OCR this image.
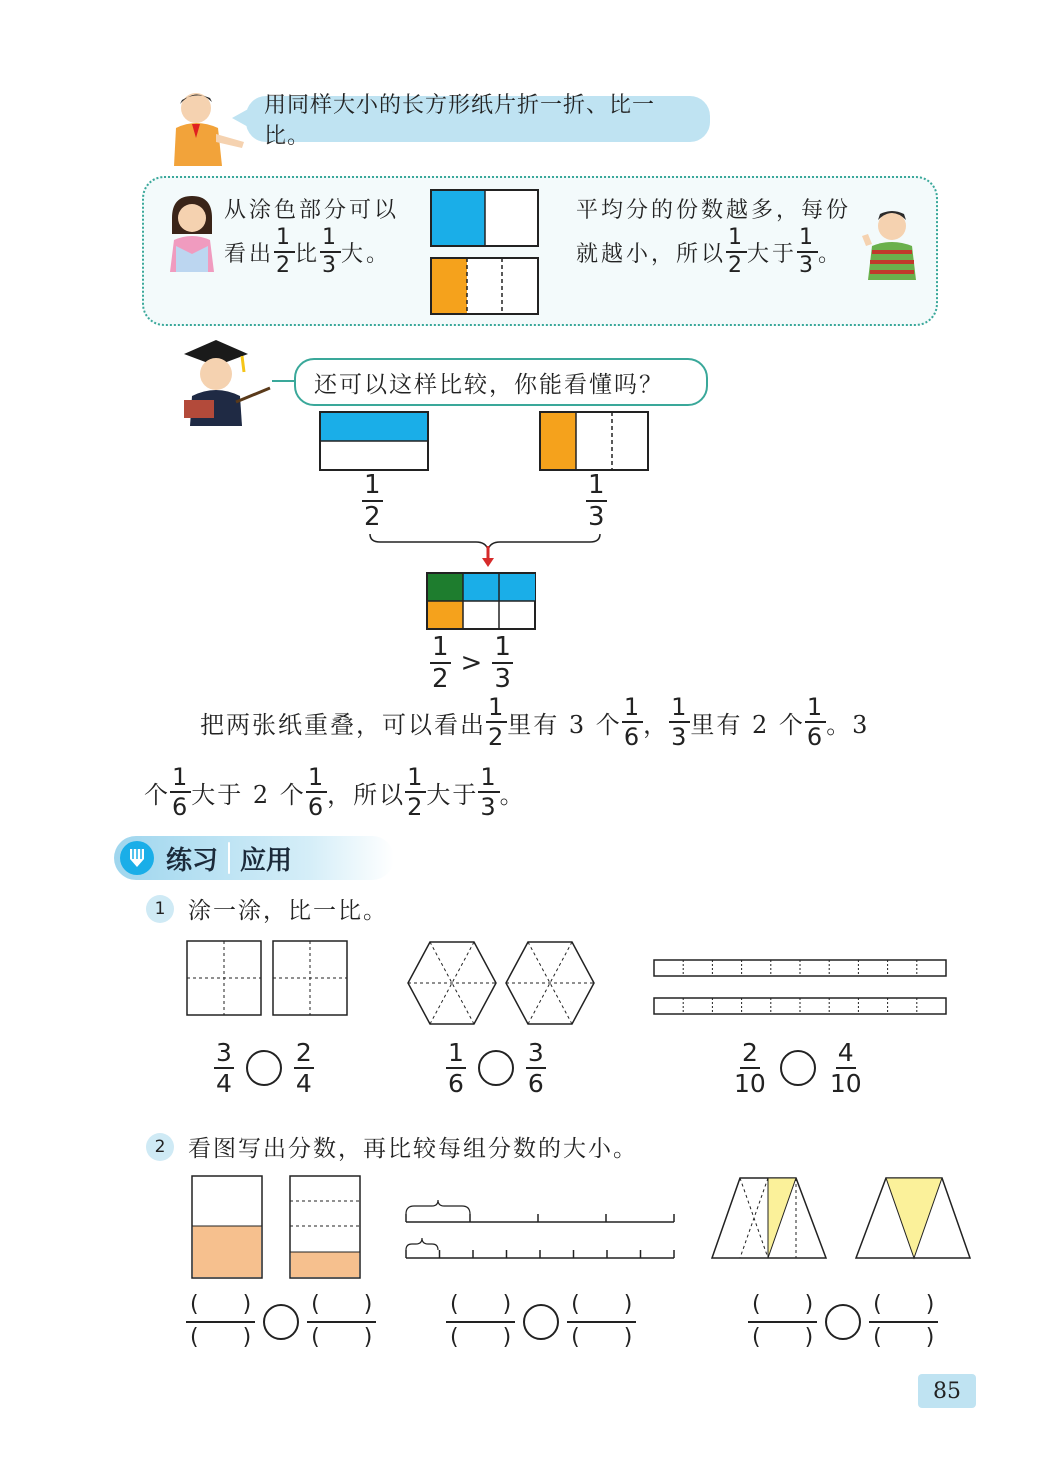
用同样大小的长方形纸片折一折、比一比。
从涂色部分可以
看出 $\frac{1}{2}$ 比 $\frac{1}{3}$ 大。
平均分的份数越多，每份
就越小，所以 $\frac{1}{2}$ 大于 $\frac{1}{3}$ 。
还可以这样比较，你能看懂吗？
$\frac{1}{2}$	$\frac{1}{3}$
$\frac{1}{2} > \frac{1}{3}$
把两张纸重叠，可以看出 $\frac{1}{2}$ 里有 3 个 $\frac{1}{6}$ ， $\frac{1}{3}$ 里有 2 个 $\frac{1}{6}$ 。3
个 $\frac{1}{6}$ 大于 2 个 $\frac{1}{6}$ ，所以 $\frac{1}{2}$ 大于 $\frac{1}{3}$ 。
练习 应用
1 涂一涂，比一比。
$\frac{3}{4} \frac{2}{4}$	$\frac{1}{6} \frac{3}{6}$	$\frac{2}{10} \frac{4}{10}$
2 看图写出分数，再比较每组分数的大小。
$\frac{( )}{( )} \frac{( )}{( )}$	$\frac{( )}{( )} \frac{( )}{( )}$	$\frac{( )}{( )} \frac{( )}{( )}$
85
